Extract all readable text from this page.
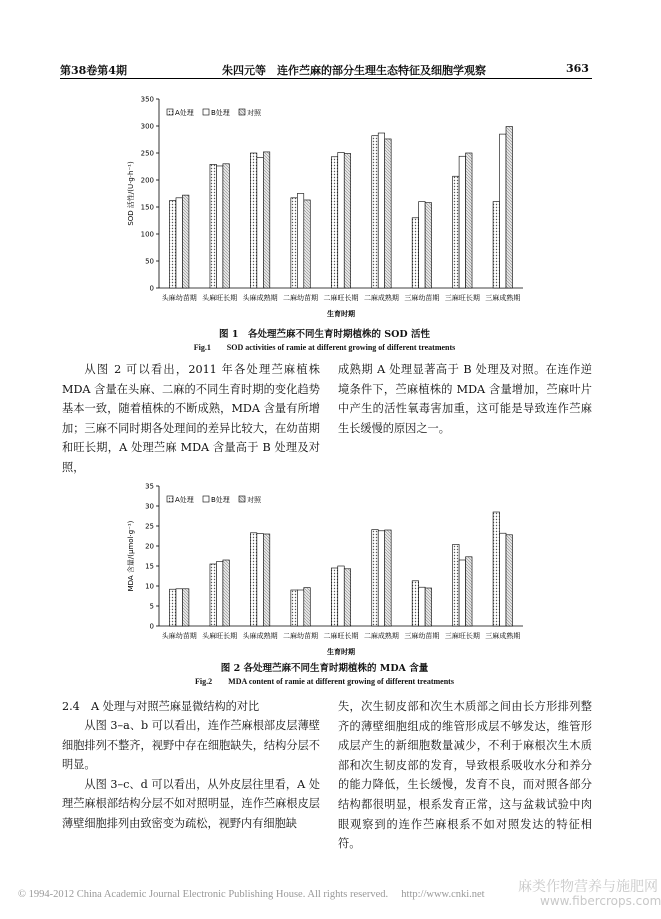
第38卷第4期	朱四元等　连作苎麻的部分生理生态特征及细胞学观察	363
0
50
100
150
200
250
300
350
SOD 活性/(U·g·h⁻¹)
头麻幼苗期 头麻旺长期 头麻成熟期 二麻幼苗期 二麻旺长期 二麻成熟期 三麻幼苗期 三麻旺长期 三麻成熟期
生育时期
A处理 B处理 对照
图 1　各处理苎麻不同生育时期植株的 SOD 活性
Fig.1　　SOD activities of ramie at different growing of different treatments

从图 2 可以看出，2011 年各处理苎麻植株 MDA 含量在头麻、二麻的不同生育时期的变化趋势基本一致，随着植株的不断成熟，MDA 含量有所增加；三麻不同时期各处理间的差异比较大，在幼苗期和旺长期，A 处理苎麻 MDA 含量高于 B 处理及对照，

成熟期 A 处理显著高于 B 处理及对照。在连作逆境条件下，苎麻植株的 MDA 含量增加，苎麻叶片中产生的活性氧毒害加重，这可能是导致连作苎麻生长缓慢的原因之一。

0
5
10
15
20
25
30
35
MDA 含量/(μmol·g⁻¹)
头麻幼苗期 头麻旺长期 头麻成熟期 二麻幼苗期 二麻旺长期 二麻成熟期 三麻幼苗期 三麻旺长期 三麻成熟期
生育时期
A处理 B处理 对照
图 2 各处理苎麻不同生育时期植株的 MDA 含量
Fig.2　　MDA content of ramie at different growing of different treatments
2.4　A 处理与对照苎麻显微结构的对比

从图 3–a、b 可以看出，连作苎麻根部皮层薄壁细胞排列不整齐，视野中存在细胞缺失，结构分层不明显。

从图 3–c、d 可以看出，从外皮层往里看，A 处理苎麻根部结构分层不如对照明显，连作苎麻根皮层薄壁细胞排列由致密变为疏松，视野内有细胞缺

失，次生韧皮部和次生木质部之间由长方形排列整齐的薄壁细胞组成的维管形成层不够发达，维管形成层产生的新细胞数量减少，不利于麻根次生木质部和次生韧皮部的发育，导致根系吸收水分和养分的能力降低，生长缓慢，发育不良，而对照各部分结构都很明显，根系发育正常，这与盆栽试验中肉眼观察到的连作苎麻根系不如对照发达的特征相符。

© 1994-2012 China Academic Journal Electronic Publishing House. All rights reserved.　 http://www.cnki.net 麻类作物营养与施肥网
www.fibercrops.com
